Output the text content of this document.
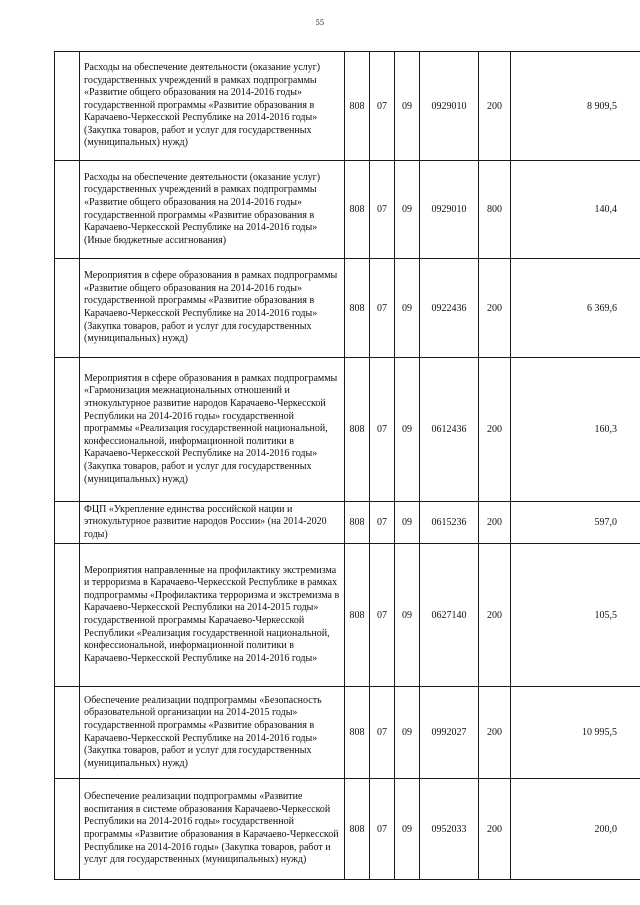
55

	Расходы на обеспечение деятельности (оказание услуг) государственных учреждений в рамках подпрограммы «Развитие общего образования на 2014-2016 годы» государственной программы «Развитие образования в Карачаево-Черкесской Республике на 2014-2016 годы» (Закупка товаров, работ и услуг для государственных (муниципальных) нужд)	808	07	09	0929010	200	8 909,5

	Расходы на обеспечение деятельности (оказание услуг) государственных учреждений в рамках подпрограммы «Развитие общего образования на 2014-2016 годы» государственной программы «Развитие образования в Карачаево-Черкесской Республике на 2014-2016 годы» (Иные бюджетные ассигнования)	808	07	09	0929010	800	140,4

	Мероприятия в сфере образования в рамках подпрограммы «Развитие общего образования на 2014-2016 годы» государственной программы «Развитие образования в Карачаево-Черкесской Республике на 2014-2016 годы» (Закупка товаров, работ и услуг для государственных (муниципальных) нужд)	808	07	09	0922436	200	6 369,6

	Мероприятия в сфере образования в рамках подпрограммы «Гармонизация межнациональных отношений и этнокультурное развитие народов Карачаево-Черкесской Республики на 2014-2016 годы» государственной программы «Реализация государственной национальной, конфессиональной, информационной политики в Карачаево-Черкесской Республике на 2014-2016 годы» (Закупка товаров, работ и услуг для государственных (муниципальных) нужд)	808	07	09	0612436	200	160,3

	ФЦП «Укрепление единства российской нации и этнокультурное развитие народов России» (на 2014-2020 годы)	808	07	09	0615236	200	597,0

	Мероприятия направленные на профилактику экстремизма и терроризма в Карачаево-Черкесской Республике в рамках подпрограммы «Профилактика терроризма и экстремизма в Карачаево-Черкесской Республики на 2014-2015 годы» государственной программы Карачаево-Черкесской Республики «Реализация государственной национальной, конфессиональной, информационной политики в Карачаево-Черкесской Республике на 2014-2016 годы»	808	07	09	0627140	200	105,5

	Обеспечение реализации подпрограммы «Безопасность образовательной организации на 2014-2015 годы» государственной программы «Развитие образования в Карачаево-Черкесской Республике на 2014-2016 годы» (Закупка товаров, работ и услуг для государственных (муниципальных) нужд)	808	07	09	0992027	200	10 995,5

	Обеспечение реализации подпрограммы «Развитие воспитания в системе образования Карачаево-Черкесской Республики на 2014-2016 годы» государственной программы «Развитие образования в Карачаево-Черкесской Республике на 2014-2016 годы» (Закупка товаров, работ и услуг для государственных (муниципальных) нужд)	808	07	09	0952033	200	200,0
